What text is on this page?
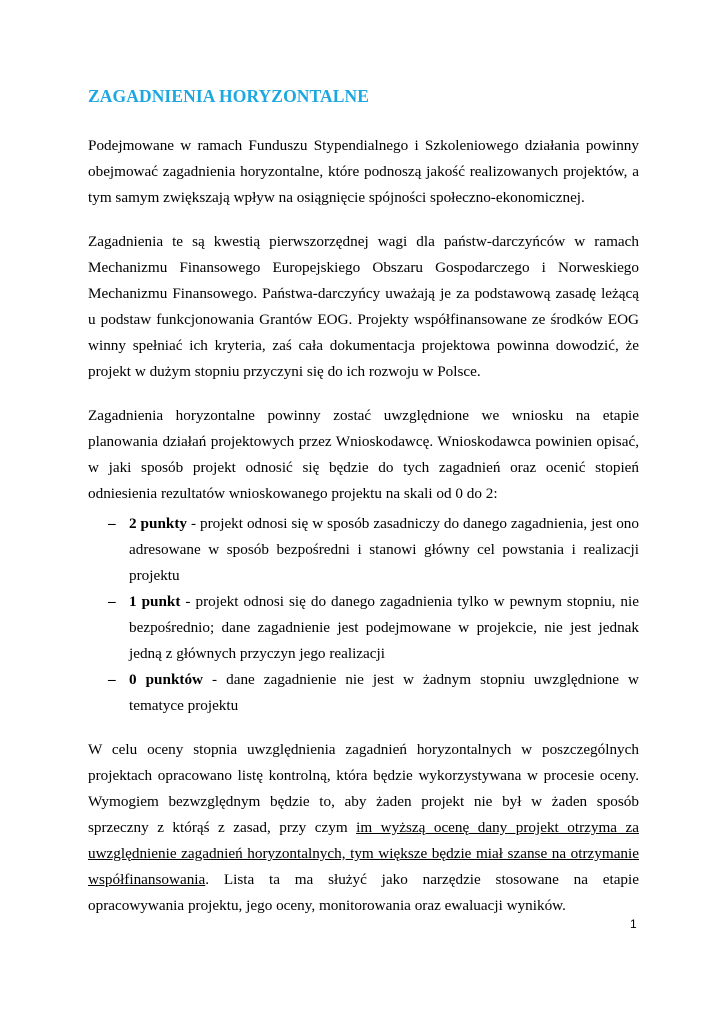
ZAGADNIENIA HORYZONTALNE

Podejmowane w ramach Funduszu Stypendialnego i Szkoleniowego działania powinny obejmować zagadnienia horyzontalne, które podnoszą jakość realizowanych projektów, a tym samym zwiększają wpływ na osiągnięcie spójności społeczno-ekonomicznej.

Zagadnienia te są kwestią pierwszorzędnej wagi dla państw-darczyńców w ramach Mechanizmu Finansowego Europejskiego Obszaru Gospodarczego i Norweskiego Mechanizmu Finansowego. Państwa-darczyńcy uważają je za podstawową zasadę leżącą u podstaw funkcjonowania Grantów EOG. Projekty współfinansowane ze środków EOG winny spełniać ich kryteria, zaś cała dokumentacja projektowa powinna dowodzić, że projekt w dużym stopniu przyczyni się do ich rozwoju w Polsce.

Zagadnienia horyzontalne powinny zostać uwzględnione we wniosku na etapie planowania działań projektowych przez Wnioskodawcę. Wnioskodawca powinien opisać, w jaki sposób projekt odnosić się będzie do tych zagadnień oraz ocenić stopień odniesienia rezultatów wnioskowanego projektu na skali od 0 do 2:

– 2 punkty - projekt odnosi się w sposób zasadniczy do danego zagadnienia, jest ono adresowane w sposób bezpośredni i stanowi główny cel powstania i realizacji projektu
– 1 punkt - projekt odnosi się do danego zagadnienia tylko w pewnym stopniu, nie bezpośrednio; dane zagadnienie jest podejmowane w projekcie, nie jest jednak jedną z głównych przyczyn jego realizacji
– 0 punktów - dane zagadnienie nie jest w żadnym stopniu uwzględnione w tematyce projektu

W celu oceny stopnia uwzględnienia zagadnień horyzontalnych w poszczególnych projektach opracowano listę kontrolną, która będzie wykorzystywana w procesie oceny. Wymogiem bezwzględnym będzie to, aby żaden projekt nie był w żaden sposób sprzeczny z którąś z zasad, przy czym im wyższą ocenę dany projekt otrzyma za uwzględnienie zagadnień horyzontalnych, tym większe będzie miał szanse na otrzymanie współfinansowania. Lista ta ma służyć jako narzędzie stosowane na etapie opracowywania projektu, jego oceny, monitorowania oraz ewaluacji wyników.

1
